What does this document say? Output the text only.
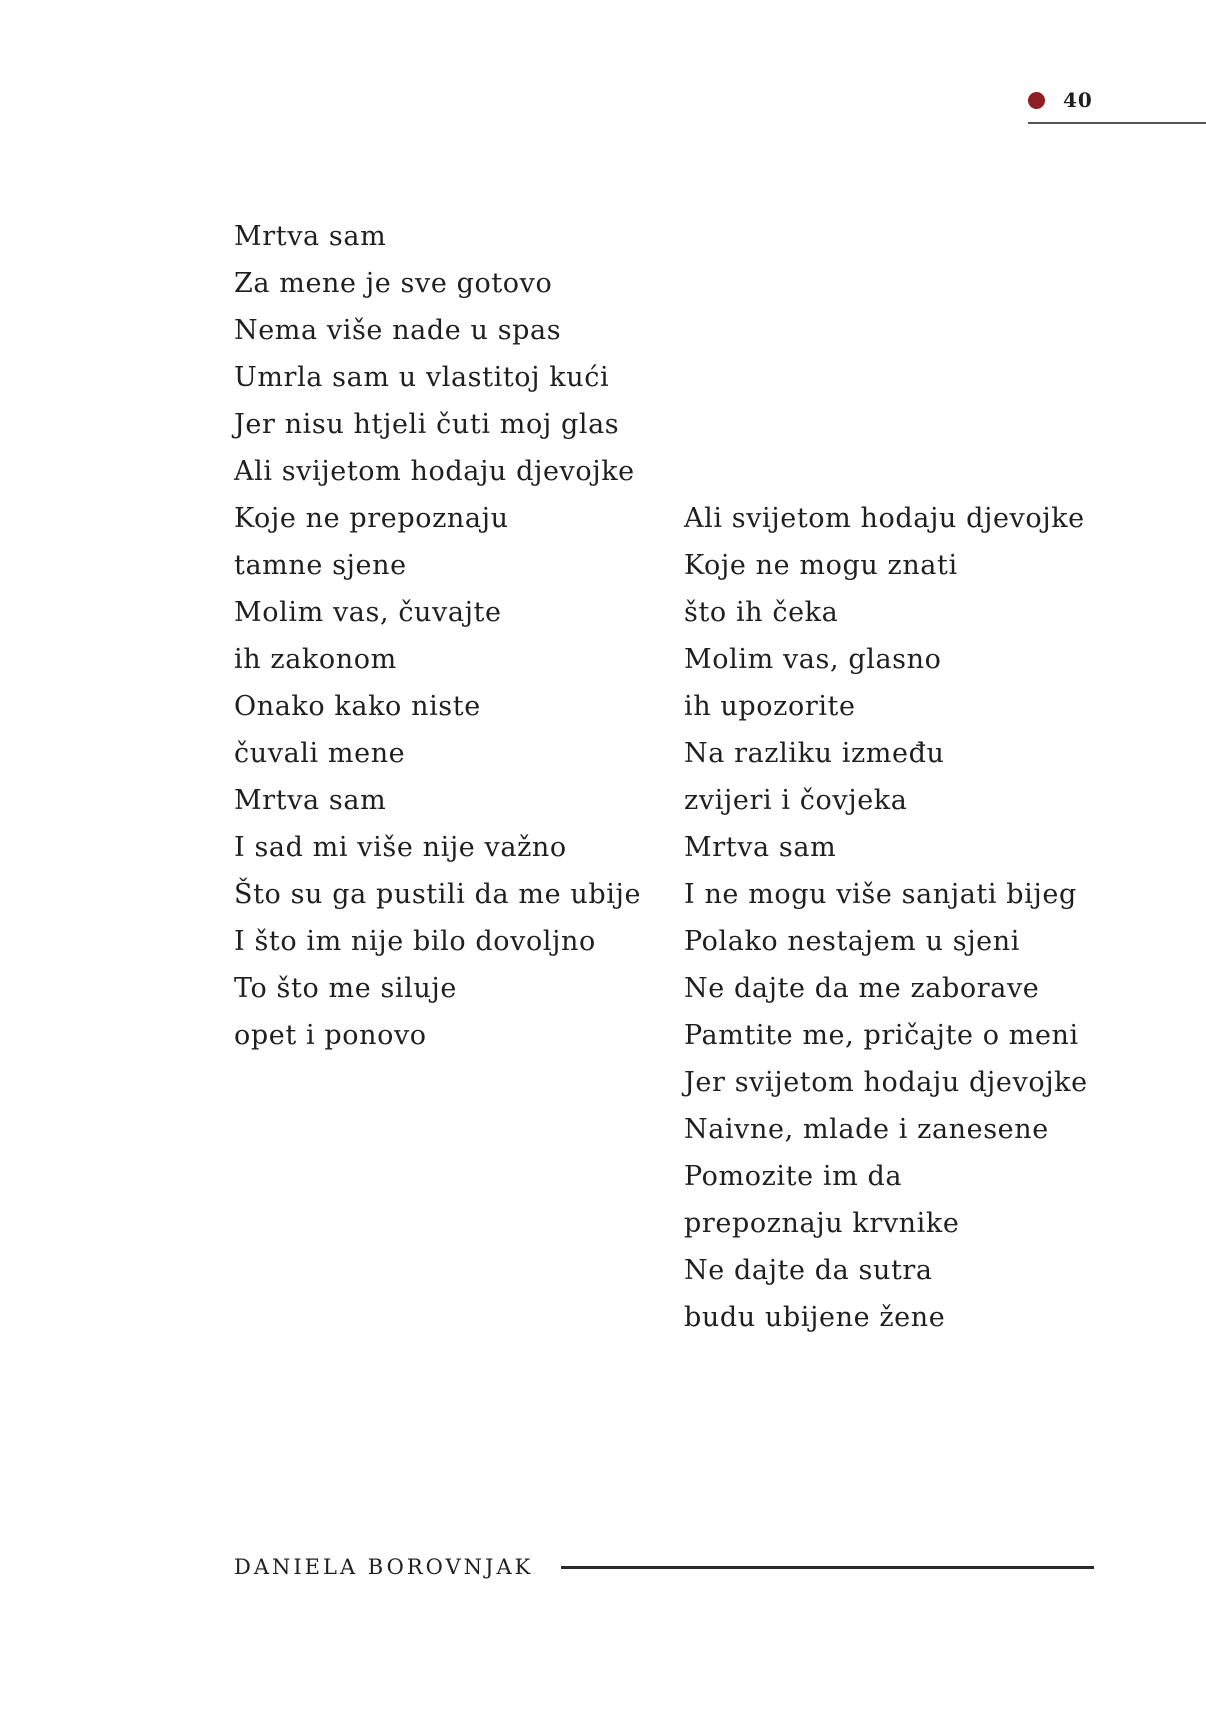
40
Mrtva sam
Za mene je sve gotovo
Nema više nade u spas
Umrla sam u vlastitoj kući
Jer nisu htjeli čuti moj glas
Ali svijetom hodaju djevojke
Koje ne prepoznaju
tamne sjene
Molim vas, čuvajte
ih zakonom
Onako kako niste
čuvali mene
Mrtva sam
I sad mi više nije važno
Što su ga pustili da me ubije
I što im nije bilo dovoljno
To što me siluje
opet i ponovo
Ali svijetom hodaju djevojke
Koje ne mogu znati
što ih čeka
Molim vas, glasno
ih upozorite
Na razliku između
zvijeri i čovjeka
Mrtva sam
I ne mogu više sanjati bijeg
Polako nestajem u sjeni
Ne dajte da me zaborave
Pamtite me, pričajte o meni
Jer svijetom hodaju djevojke
Naivne, mlade i zanesene
Pomozite im da
prepoznaju krvnike
Ne dajte da sutra
budu ubijene žene
DANIELA BOROVNJAK
